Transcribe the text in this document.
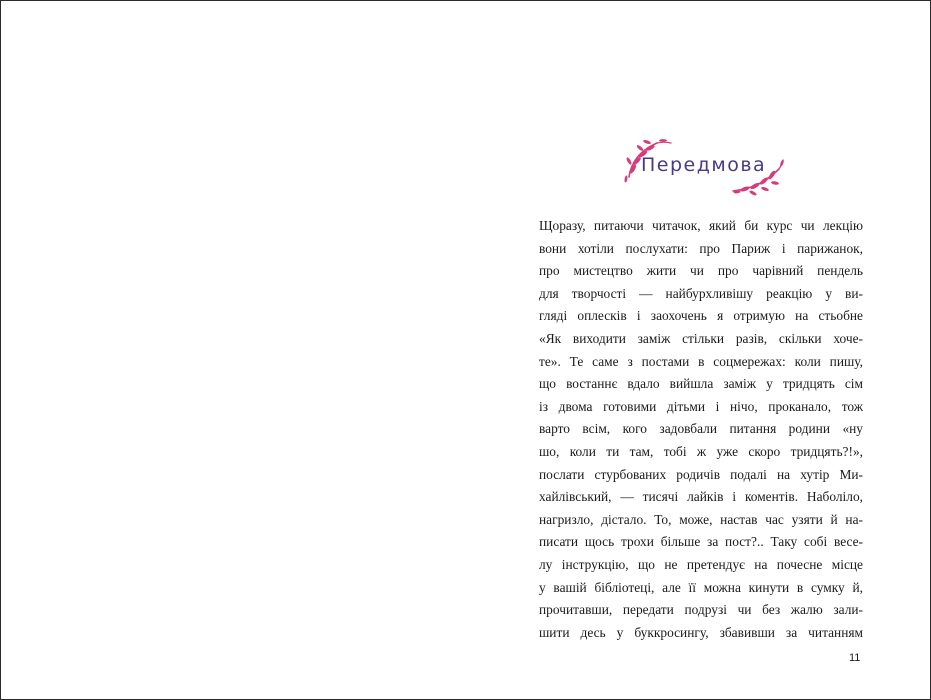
Передмова
Щоразу, питаючи читачок, який би курс чи лекцію
вони хотіли послухати: про Париж і парижанок,
про мистецтво жити чи про чарівний пендель
для творчості — найбурхливішу реакцію у ви-
гляді оплесків і заохочень я отримую на стьобне
«Як виходити заміж стільки разів, скільки хоче-
те». Те саме з постами в соцмережах: коли пишу,
що востаннє вдало вийшла заміж у тридцять сім
із двома готовими дітьми і нічо, проканало, тож
варто всім, кого задовбали питання родини «ну
шо, коли ти там, тобі ж уже скоро тридцять?!»,
послати стурбованих родичів подалі на хутір Ми-
хайлівський, — тисячі лайків і коментів. Наболіло,
нагризло, дістало. То, може, настав час узяти й на-
писати щось трохи більше за пост?.. Таку собі весе-
лу інструкцію, що не претендує на почесне місце
у вашій бібліотеці, але її можна кинути в сумку й,
прочитавши, передати подрузі чи без жалю зали-
шити десь у буккросингу, збавивши за читанням
11
